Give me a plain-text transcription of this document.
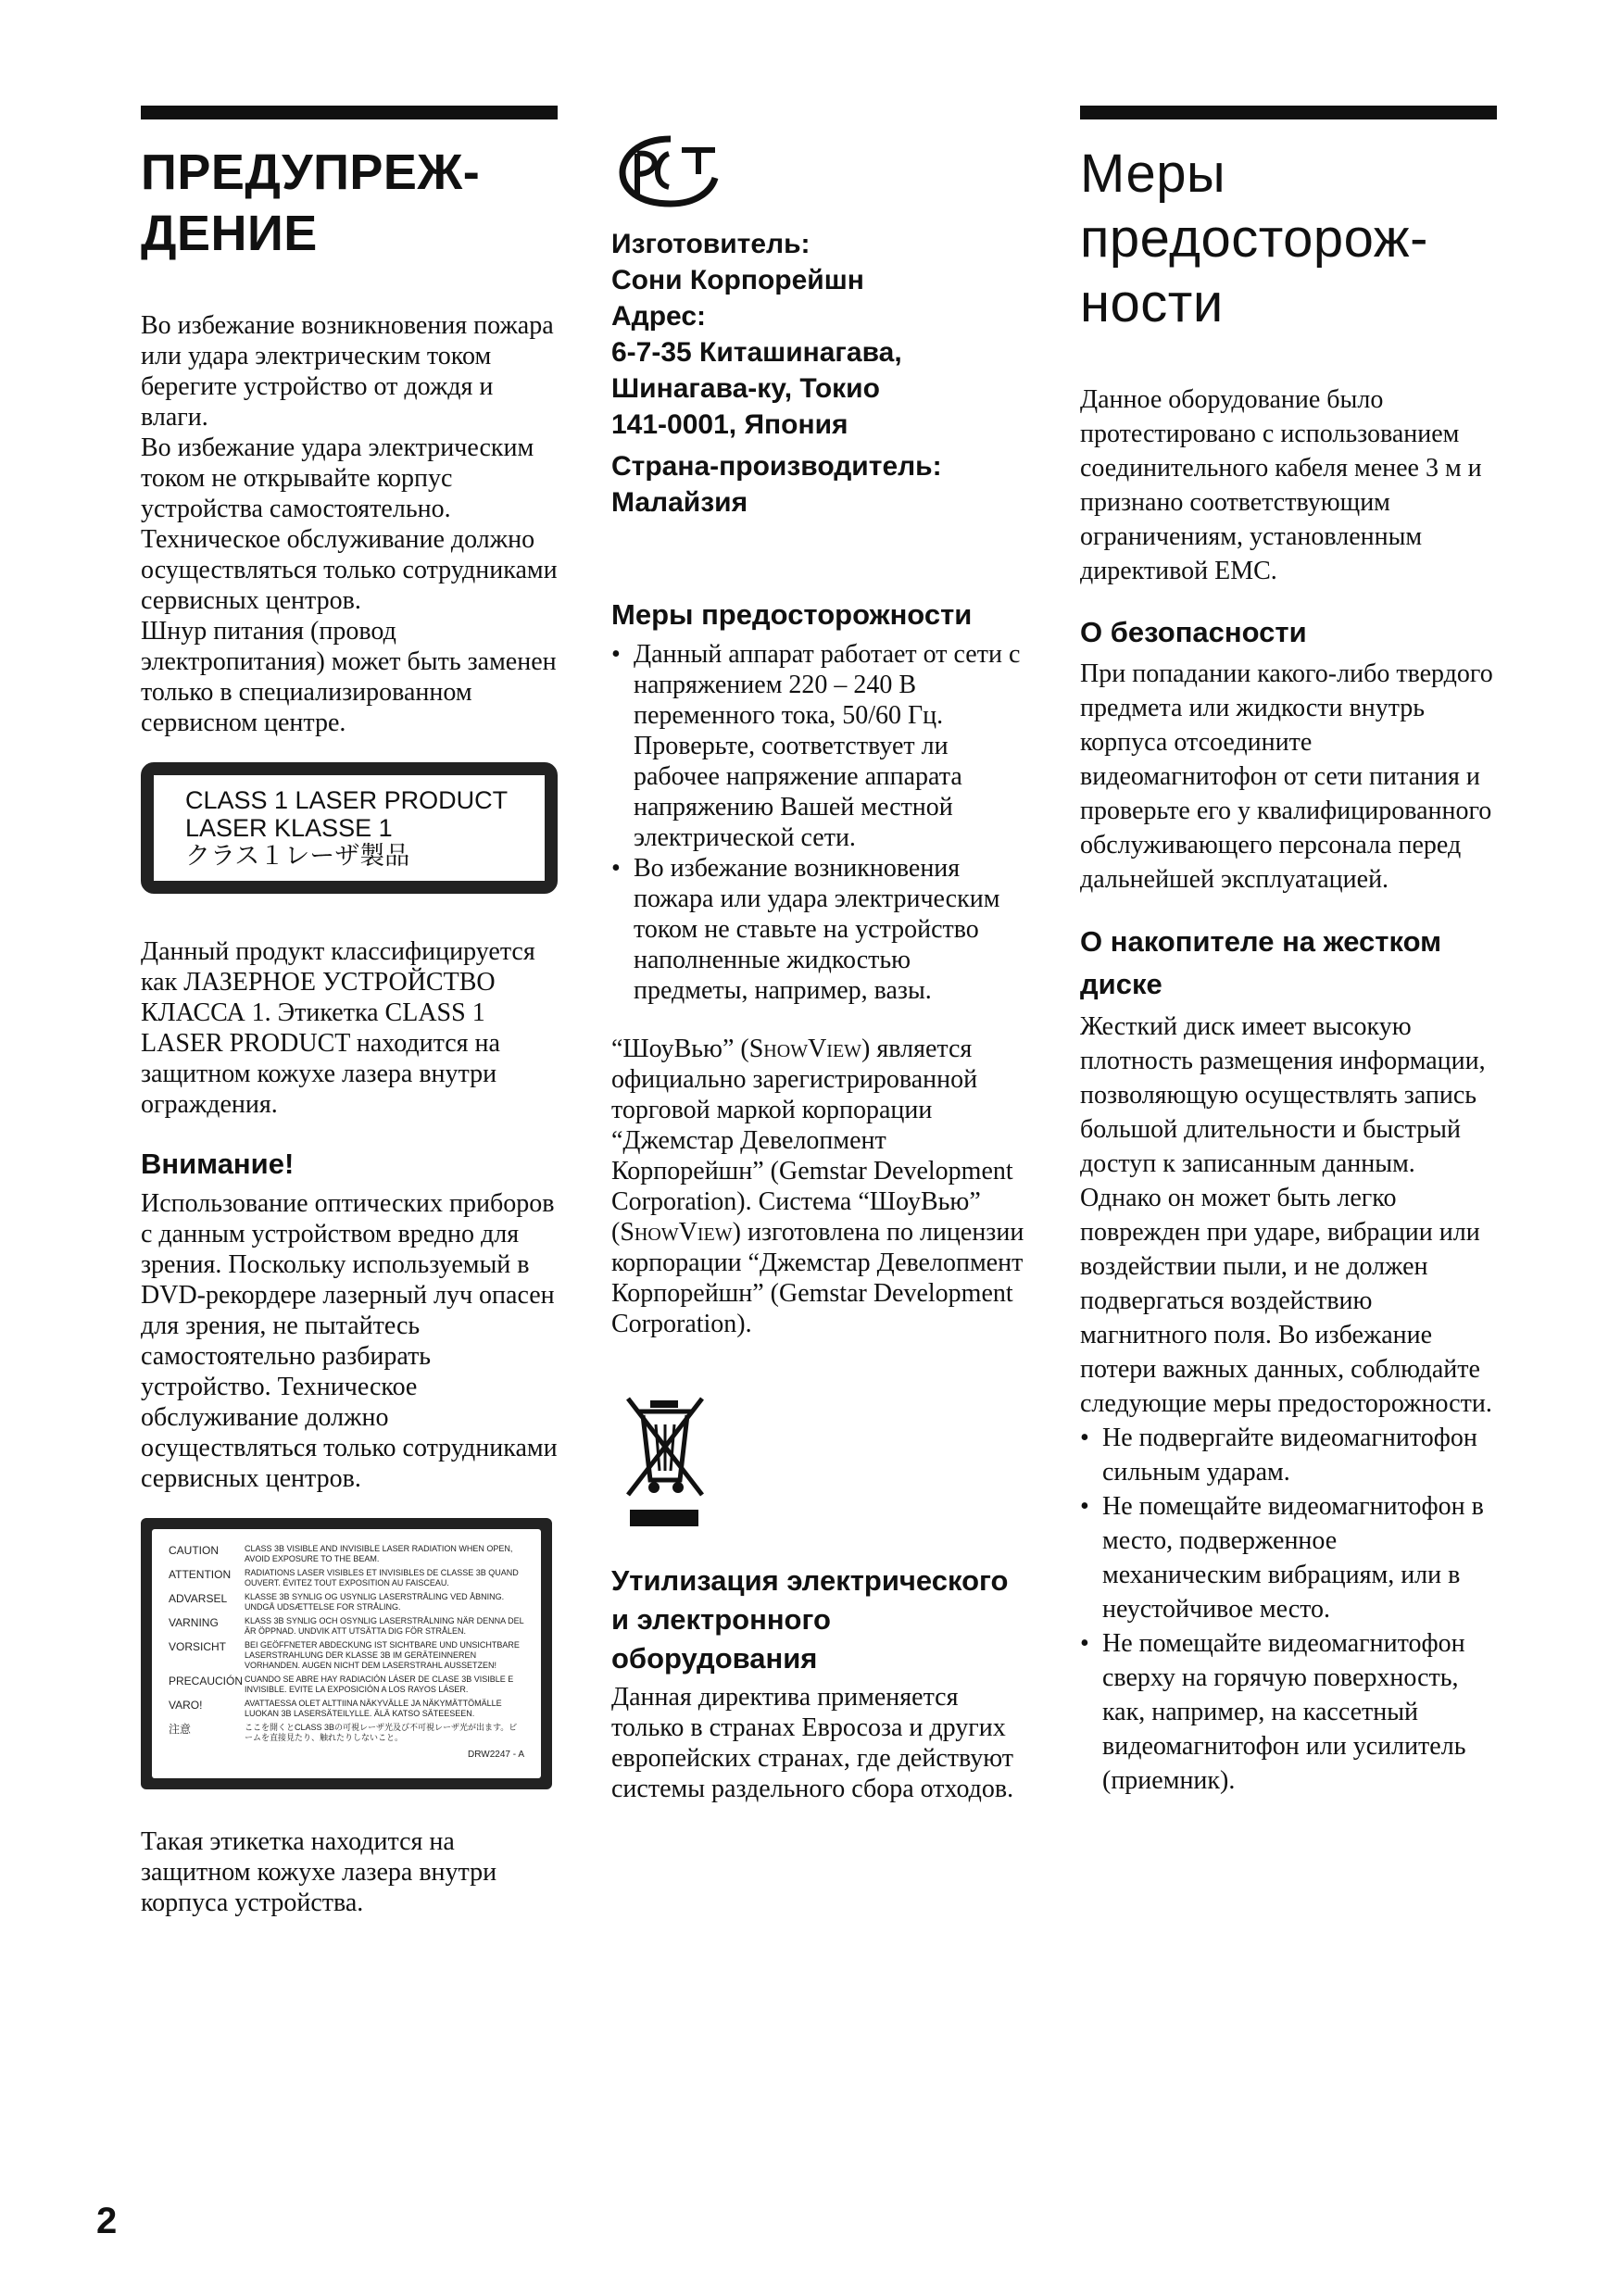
ПРЕДУПРЕЖ-
ДЕНИЕ

Во избежание возникновения пожара или удара электрическим током берегите устройство от дождя и влаги.

Во избежание удара электрическим током не открывайте корпус устройства самостоятельно. Техническое обслуживание должно осуществляться только сотрудниками сервисных центров.

Шнур питания (провод электропитания) может быть заменен только в специализированном сервисном центре.

CLASS 1 LASER PRODUCT
LASER KLASSE 1
クラス１レーザ製品

Данный продукт классифицируется как ЛАЗЕРНОЕ УСТРОЙСТВО КЛАССА 1. Этикетка CLASS 1 LASER PRODUCT находится на защитном кожухе лазера внутри ограждения.

Внимание!

Использование оптических приборов с данным устройством вредно для зрения. Поскольку используемый в DVD-рекордере лазерный луч опасен для зрения, не пытайтесь самостоятельно разбирать устройство. Техническое обслуживание должно осуществляться только сотрудниками сервисных центров.

CAUTION	CLASS 3B VISIBLE AND INVISIBLE LASER RADIATION WHEN OPEN, AVOID EXPOSURE TO THE BEAM.
ATTENTION	RADIATIONS LASER VISIBLES ET INVISIBLES DE CLASSE 3B QUAND OUVERT. ÉVITEZ TOUT EXPOSITION AU FAISCEAU.
ADVARSEL	KLASSE 3B SYNLIG OG USYNLIG LASERSTRÅLING VED ÅBNING. UNDGÅ UDSÆTTELSE FOR STRÅLING.
VARNING	KLASS 3B SYNLIG OCH OSYNLIG LASERSTRÅLNING NÄR DENNA DEL ÄR ÖPPNAD. UNDVIK ATT UTSÄTTA DIG FÖR STRÅLEN.
VORSICHT	BEI GEÖFFNETER ABDECKUNG IST SICHTBARE UND UNSICHTBARE LASERSTRAHLUNG DER KLASSE 3B IM GERÄTEINNEREN VORHANDEN. AUGEN NICHT DEM LASERSTRAHL AUSSETZEN!
PRECAUCIÓN CUANDO SE ABRE HAY RADIACIÓN LÁSER DE CLASE 3B VISIBLE E INVISIBLE. EVITE LA EXPOSICIÓN A LOS RAYOS LÁSER.
VARO!	AVATTAESSA OLET ALTTIINA NÄKYVÄLLE JA NÄKYMÄTTÖMÄLLE LUOKAN 3B LASERSÄTEILYLLE. ÄLÄ KATSO SÄTEESEEN.
注意	ここを開くとCLASS 3Bの可視レーザ光及び不可視レーザ光が出ます。ビームを直接見たり、触れたりしないこと。
DRW2247 - A

Такая этикетка находится на защитном кожухе лазера внутри корпуса устройства.

Изготовитель:
Сони Корпорейшн
Адрес:
6-7-35 Киташинагава,
Шинагава-ку, Токио
141-0001, Япония
Страна-производитель:
Малайзия
Меры предосторожности
• Данный аппарат работает от сети с напряжением 220 – 240 В переменного тока, 50/60 Гц. Проверьте, соответствует ли рабочее напряжение аппарата напряжению Вашей местной электрической сети.
• Во избежание возникновения пожара или удара электрическим током не ставьте на устройство наполненные жидкостью предметы, например, вазы.

“ШоуВью” (ShowView) является официально зарегистрированной торговой маркой корпорации “Джемстар Девелопмент Корпорейшн” (Gemstar Development Corporation). Система “ШоуВью” (ShowView) изготовлена по лицензии корпорации “Джемстар Девелопмент Корпорейшн” (Gemstar Development Corporation).

Утилизация электрического и электронного оборудования

Данная директива применяется только в странах Евросоза и других европейских странах, где действуют системы раздельного сбора отходов.

Меры
предосторож-
ности

Данное оборудование было протестировано с использованием соединительного кабеля менее 3 м и признано соответствующим ограничениям, установленным директивой EMC.

О безопасности

При попадании какого-либо твердого предмета или жидкости внутрь корпуса отсоедините видеомагнитофон от сети питания и проверьте его у квалифицированного обслуживающего персонала перед дальнейшей эксплуатацией.

О накопителе на жестком диске

Жесткий диск имеет высокую плотность размещения информации, позволяющую осуществлять запись большой длительности и быстрый доступ к записанным данным. Однако он может быть легко поврежден при ударе, вибрации или воздействии пыли, и не должен подвергаться воздействию магнитного поля. Во избежание потери важных данных, соблюдайте следующие меры предосторожности.

• Не подвергайте видеомагнитофон сильным ударам.
• Не помещайте видеомагнитофон в место, подверженное механическим вибрациям, или в неустойчивое место.
• Не помещайте видеомагнитофон сверху на горячую поверхность, как, например, на кассетный видеомагнитофон или усилитель (приемник).
2
